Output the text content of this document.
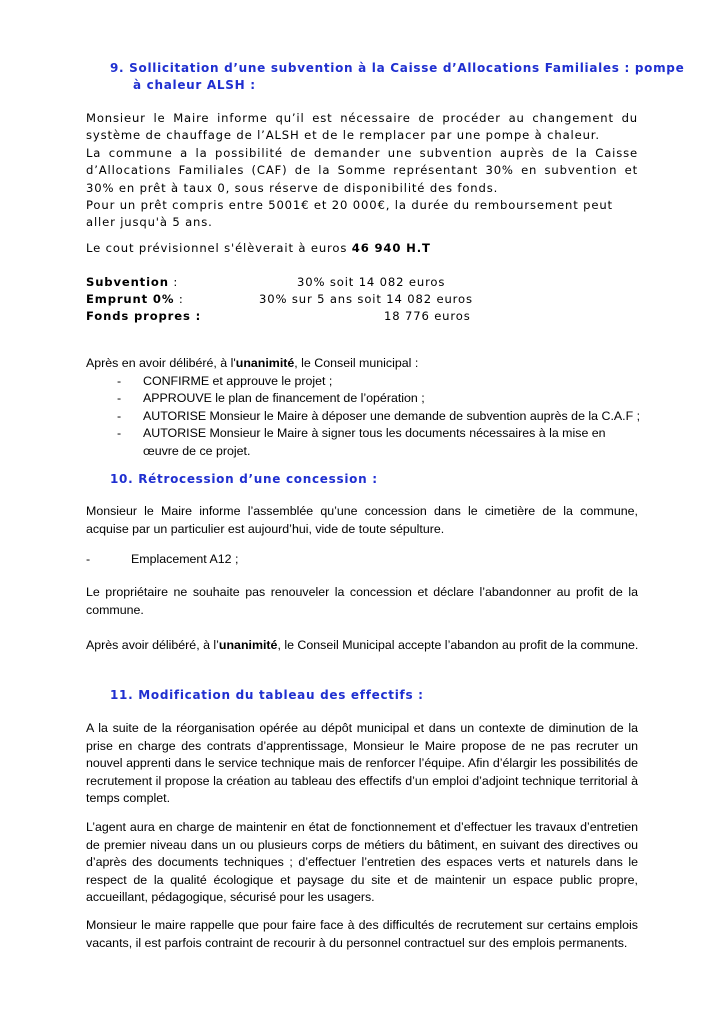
9. Sollicitation d’une subvention à la Caisse d’Allocations Familiales : pompe
à chaleur ALSH :
Monsieur le Maire informe qu’il est nécessaire de procéder au changement du système de chauffage de l’ALSH et de le remplacer par une pompe à chaleur.
La commune a la possibilité de demander une subvention auprès de la Caisse d’Allocations Familiales (CAF) de la Somme représentant 30% en subvention et 30% en prêt à taux 0, sous réserve de disponibilité des fonds.
Pour un prêt compris entre 5001€ et 20 000€, la durée du remboursement peut aller jusqu'à 5 ans.
Le cout prévisionnel s'élèverait à euros 46 940 H.T
Subvention :	30% soit 14 082 euros
Emprunt 0% :	30% sur 5 ans soit 14 082 euros
Fonds propres :	18 776 euros
Après en avoir délibéré, à l'unanimité, le Conseil municipal :
- CONFIRME et approuve le projet ;
- APPROUVE le plan de financement de l’opération ;
- AUTORISE Monsieur le Maire à déposer une demande de subvention auprès de la C.A.F ;
- AUTORISE Monsieur le Maire à signer tous les documents nécessaires à la mise en œuvre de ce projet.
10. Rétrocession d’une concession :
Monsieur le Maire informe l’assemblée qu’une concession dans le cimetière de la commune, acquise par un particulier est aujourd’hui, vide de toute sépulture.
-	Emplacement A12 ;
Le propriétaire ne souhaite pas renouveler la concession et déclare l’abandonner au profit de la commune.
Après avoir délibéré, à l’unanimité, le Conseil Municipal accepte l’abandon au profit de la commune.
11. Modification du tableau des effectifs :
A la suite de la réorganisation opérée au dépôt municipal et dans un contexte de diminution de la prise en charge des contrats d’apprentissage, Monsieur le Maire propose de ne pas recruter un nouvel apprenti dans le service technique mais de renforcer l’équipe. Afin d’élargir les possibilités de recrutement il propose la création au tableau des effectifs d’un emploi d’adjoint technique territorial à temps complet.
L’agent aura en charge de maintenir en état de fonctionnement et d’effectuer les travaux d’entretien de premier niveau dans un ou plusieurs corps de métiers du bâtiment, en suivant des directives ou d’après des documents techniques ; d’effectuer l’entretien des espaces verts et naturels dans le respect de la qualité écologique et paysage du site et de maintenir un espace public propre, accueillant, pédagogique, sécurisé pour les usagers.
Monsieur le maire rappelle que pour faire face à des difficultés de recrutement sur certains emplois vacants, il est parfois contraint de recourir à du personnel contractuel sur des emplois permanents.
